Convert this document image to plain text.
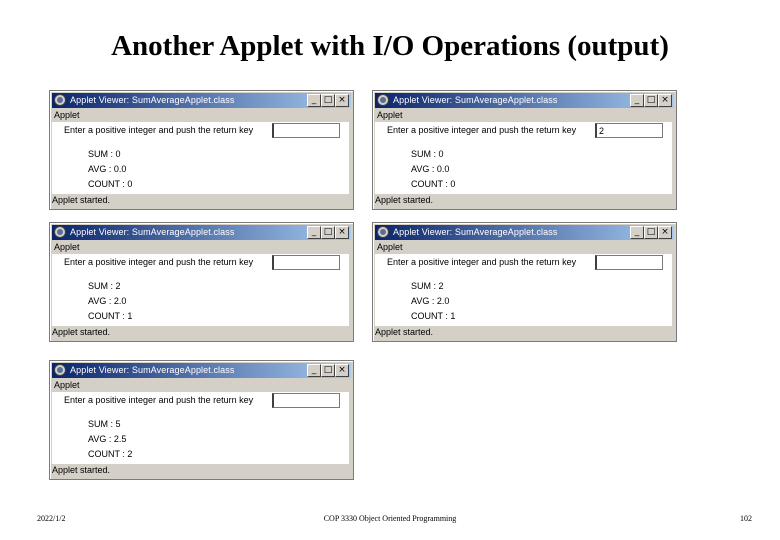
Another Applet with I/O Operations (output)
Applet Viewer: SumAverageApplet.class	_ □ ×
Applet
Enter a positive integer and push the return key
SUM : 0
AVG : 0.0
COUNT : 0
Applet started.
Applet Viewer: SumAverageApplet.class	_ □ ×
Applet
Enter a positive integer and push the return key
2
SUM : 0
AVG : 0.0
COUNT : 0
Applet started.
Applet Viewer: SumAverageApplet.class	_ □ ×
Applet
Enter a positive integer and push the return key
SUM : 2
AVG : 2.0
COUNT : 1
Applet started.
Applet Viewer: SumAverageApplet.class	_ □ ×
Applet
Enter a positive integer and push the return key
SUM : 2
AVG : 2.0
COUNT : 1
Applet started.
Applet Viewer: SumAverageApplet.class	_ □ ×
Applet
Enter a positive integer and push the return key
SUM : 5
AVG : 2.5
COUNT : 2
Applet started.
2022/1/2	COP 3330 Object Oriented Programming	102
